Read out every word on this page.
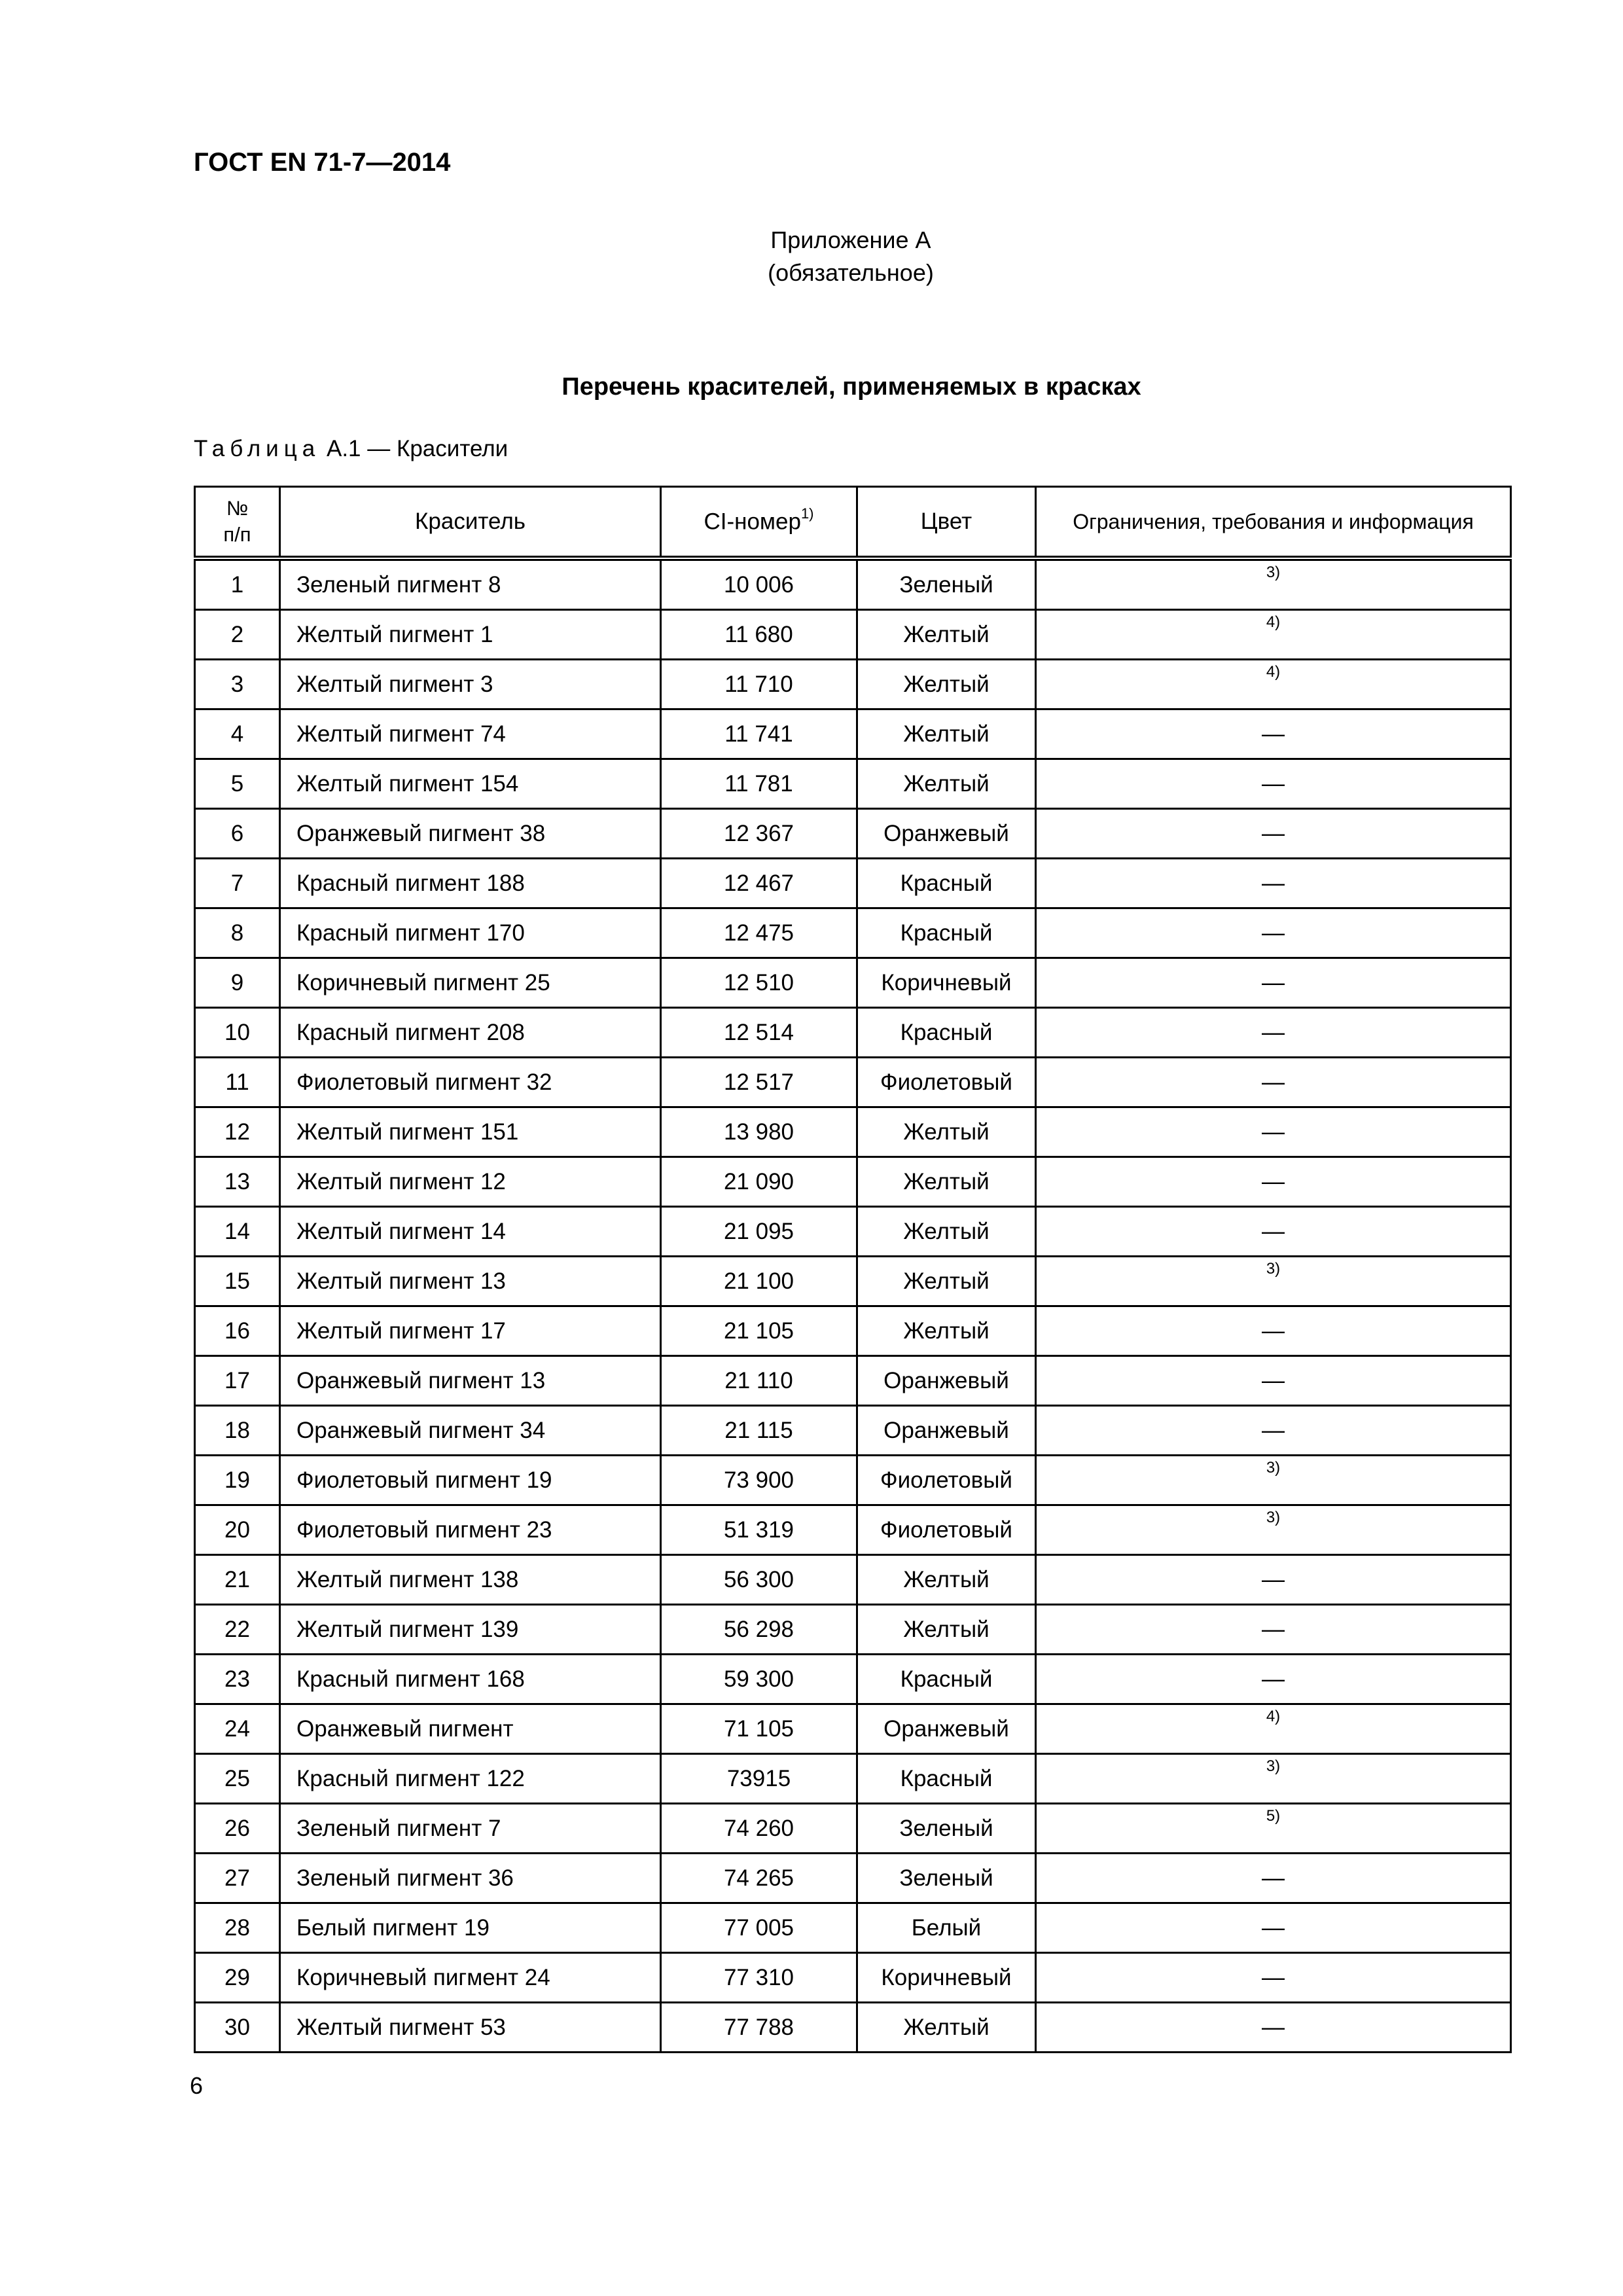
ГОСТ EN 71-7—2014
Приложение А
(обязательное)
Перечень красителей, применяемых в красках
Таблица А.1 — Красители
№
п/п	Краситель	CI-номер$^{1)}$	Цвет	Ограничения, требования и информация
1	Зеленый пигмент 8	10 006	Зеленый	3)

2	Желтый пигмент 1	11 680	Желтый	4)

3	Желтый пигмент 3	11 710	Желтый	4)

4	Желтый пигмент 74	11 741	Желтый	—
5	Желтый пигмент 154	11 781	Желтый	—
6	Оранжевый пигмент 38	12 367	Оранжевый	—
7	Красный пигмент 188	12 467	Красный	—
8	Красный пигмент 170	12 475	Красный	—
9	Коричневый пигмент 25	12 510	Коричневый	—
10	Красный пигмент 208	12 514	Красный	—
11	Фиолетовый пигмент 32	12 517	Фиолетовый	—
12	Желтый пигмент 151	13 980	Желтый	—
13	Желтый пигмент 12	21 090	Желтый	—
14	Желтый пигмент 14	21 095	Желтый	—
15	Желтый пигмент 13	21 100	Желтый	3)

16	Желтый пигмент 17	21 105	Желтый	—
17	Оранжевый пигмент 13	21 110	Оранжевый	—
18	Оранжевый пигмент 34	21 115	Оранжевый	—
19	Фиолетовый пигмент 19	73 900	Фиолетовый	3)

20	Фиолетовый пигмент 23	51 319	Фиолетовый	3)

21	Желтый пигмент 138	56 300	Желтый	—
22	Желтый пигмент 139	56 298	Желтый	—
23	Красный пигмент 168	59 300	Красный	—
24	Оранжевый пигмент	71 105	Оранжевый	4)

25	Красный пигмент 122	73915	Красный	3)

26	Зеленый пигмент 7	74 260	Зеленый	5)

27	Зеленый пигмент 36	74 265	Зеленый	—
28	Белый пигмент 19	77 005	Белый	—
29	Коричневый пигмент 24	77 310	Коричневый	—
30	Желтый пигмент 53	77 788	Желтый	—
6
